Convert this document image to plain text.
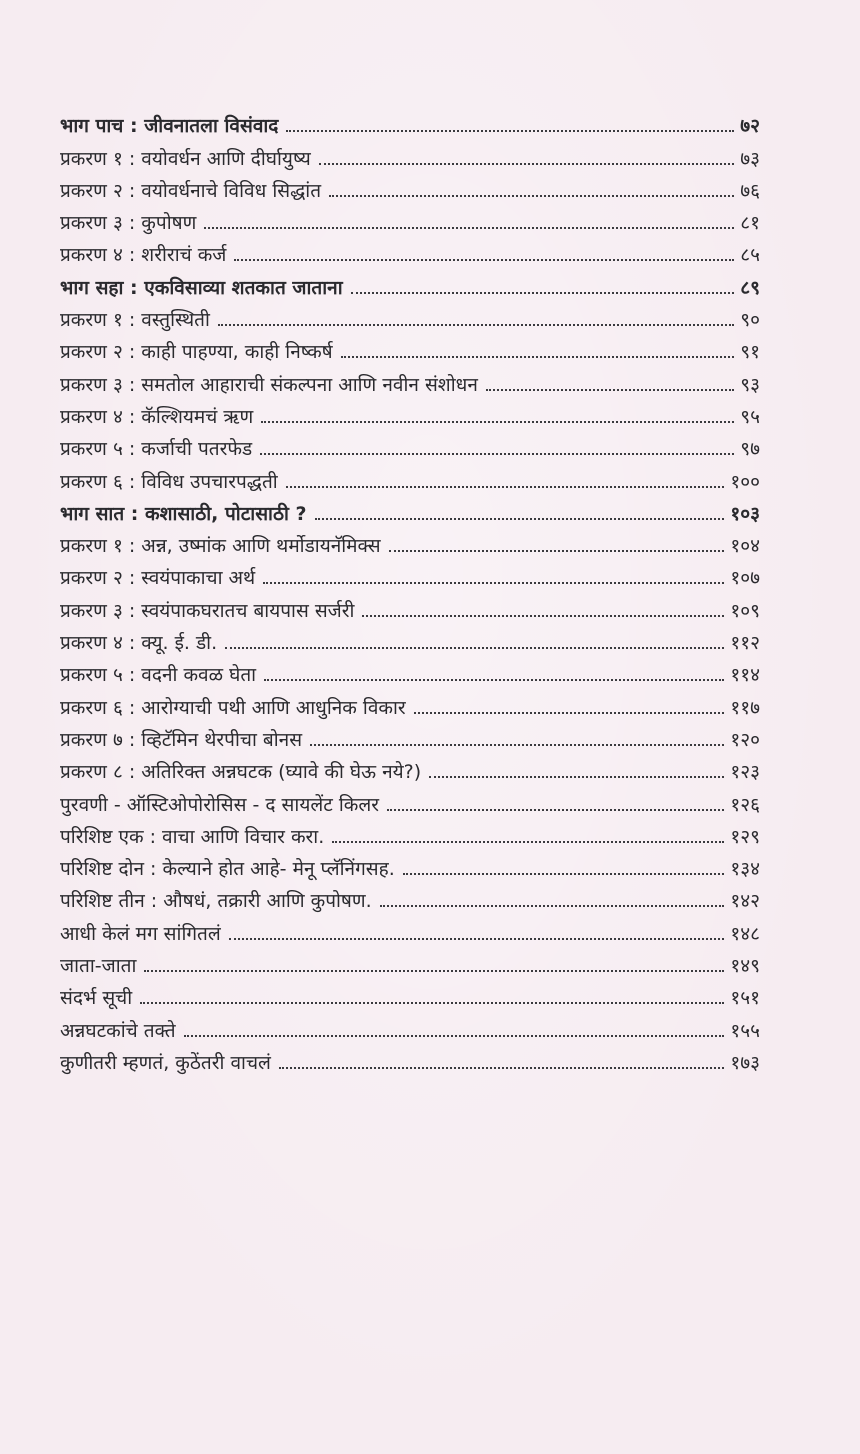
भाग पाच : जीवनातला विसंवाद	७२
प्रकरण १ : वयोवर्धन आणि दीर्घायुष्य	७३
प्रकरण २ : वयोवर्धनाचे विविध सिद्धांत	७६
प्रकरण ३ : कुपोषण	८१
प्रकरण ४ : शरीराचं कर्ज	८५
भाग सहा : एकविसाव्या शतकात जाताना	८९
प्रकरण १ : वस्तुस्थिती	९०
प्रकरण २ : काही पाहण्या, काही निष्कर्ष	९१
प्रकरण ३ : समतोल आहाराची संकल्पना आणि नवीन संशोधन	९३
प्रकरण ४ : कॅल्शियमचं ऋण	९५
प्रकरण ५ : कर्जाची पतरफेड	९७
प्रकरण ६ : विविध उपचारपद्धती	१००
भाग सात : कशासाठी, पोटासाठी ?	१०३
प्रकरण १ : अन्न, उष्मांक आणि थर्मोडायनॅमिक्स	१०४
प्रकरण २ : स्वयंपाकाचा अर्थ	१०७
प्रकरण ३ : स्वयंपाकघरातच बायपास सर्जरी	१०९
प्रकरण ४ : क्यू. ई. डी.	११२
प्रकरण ५ : वदनी कवळ घेता	११४
प्रकरण ६ : आरोग्याची पथी आणि आधुनिक विकार	११७
प्रकरण ७ : व्हिटॅमिन थेरपीचा बोनस	१२०
प्रकरण ८ : अतिरिक्त अन्नघटक (घ्यावे की घेऊ नये?)	१२३
पुरवणी - ऑस्टिओपोरोसिस - द सायलेंट किलर	१२६
परिशिष्ट एक : वाचा आणि विचार करा.	१२९
परिशिष्ट दोन : केल्याने होत आहे- मेनू प्लॅनिंगसह.	१३४
परिशिष्ट तीन : औषधं, तक्रारी आणि कुपोषण.	१४२
आधी केलं मग सांगितलं	१४८
जाता-जाता	१४९
संदर्भ सूची	१५१
अन्नघटकांचे तक्ते	१५५
कुणीतरी म्हणतं, कुठेंतरी वाचलं	१७३
